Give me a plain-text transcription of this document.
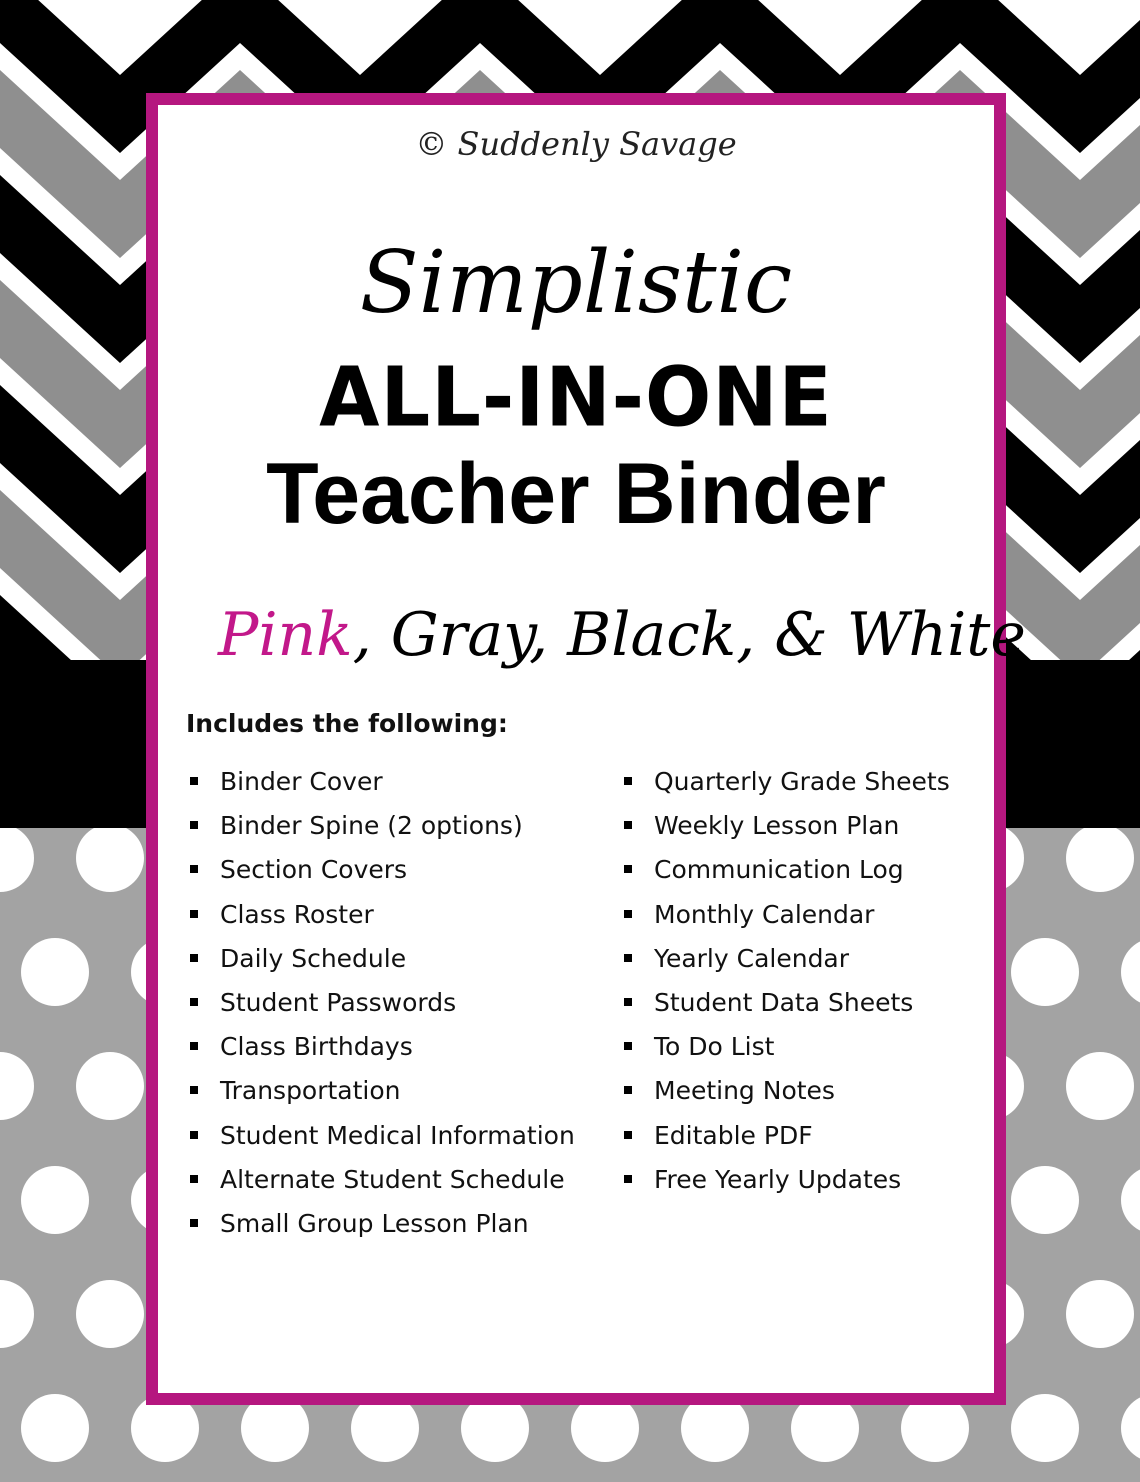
© Suddenly Savage
Simplistic
ALL-IN-ONE
Teacher Binder
Pink, Gray, Black, & White
Includes the following:
Binder Cover
Binder Spine (2 options)
Section Covers
Class Roster
Daily Schedule
Student Passwords
Class Birthdays
Transportation
Student Medical Information
Alternate Student Schedule
Small Group Lesson Plan
Quarterly Grade Sheets
Weekly Lesson Plan
Communication Log
Monthly Calendar
Yearly Calendar
Student Data Sheets
To Do List
Meeting Notes
Editable PDF
Free Yearly Updates
